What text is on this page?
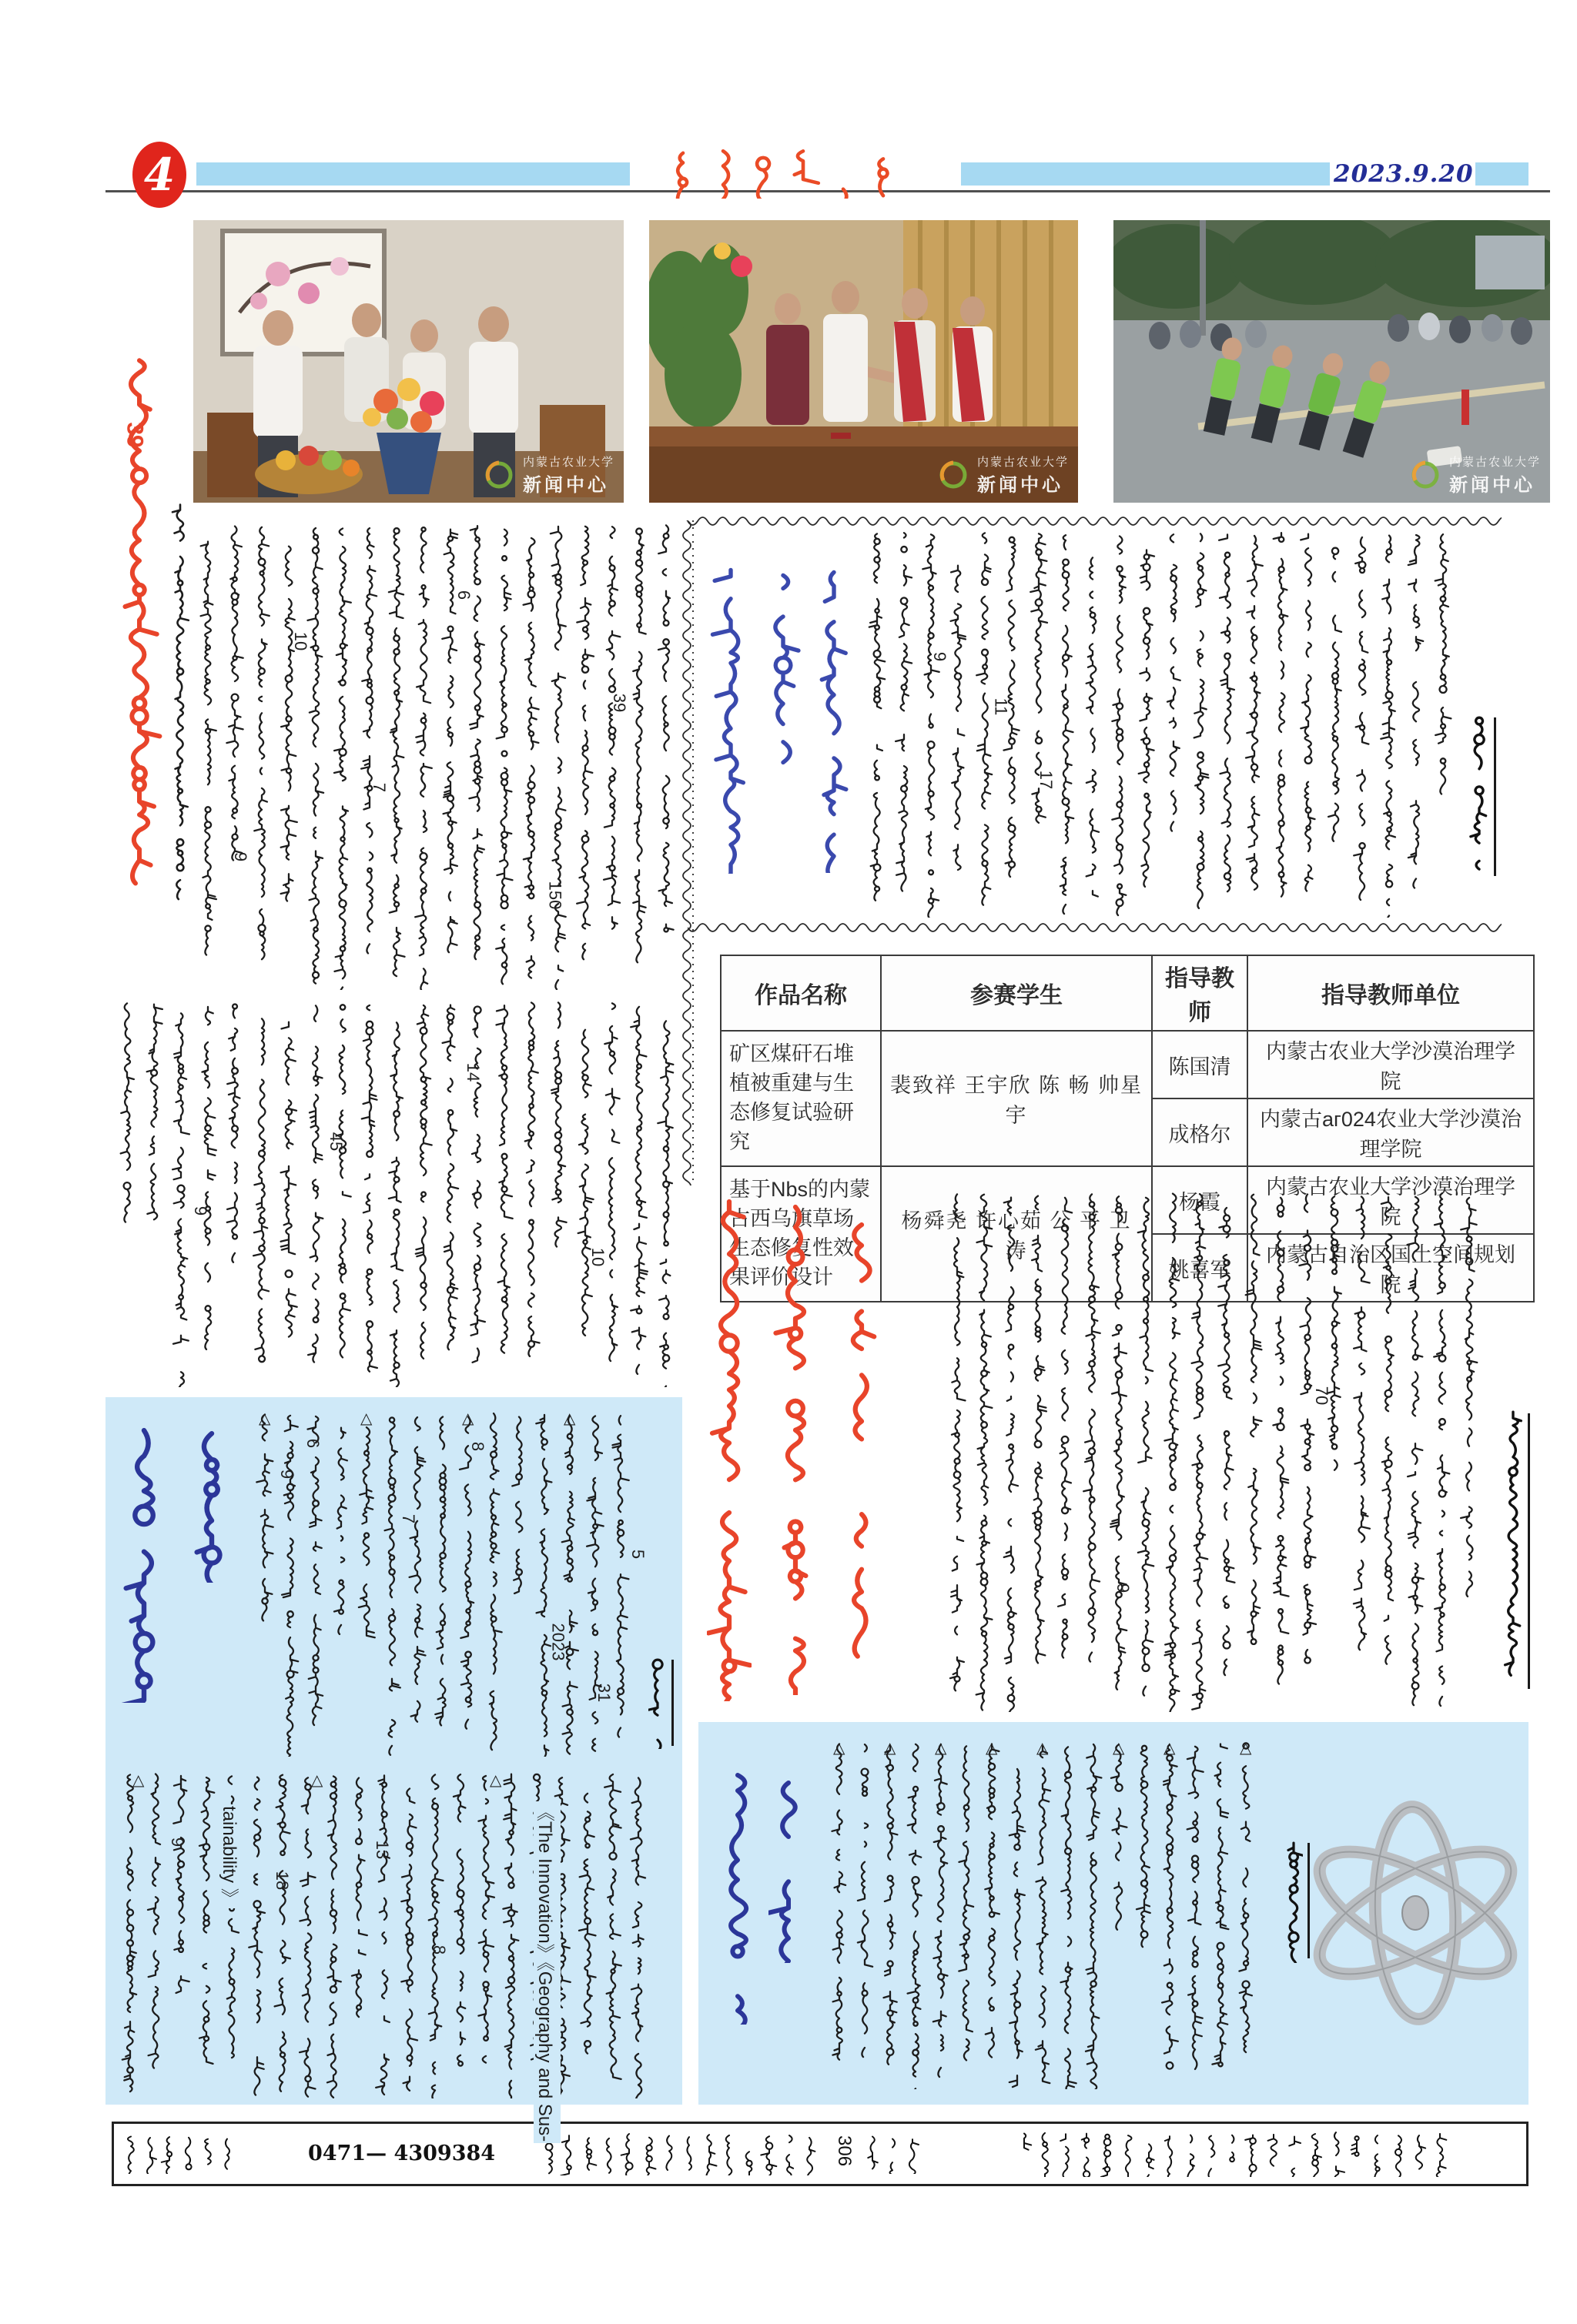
4	2023.9.20
内蒙古农业大学
新闻中心
内蒙古农业大学
新闻中心
内蒙古农业大学
新闻中心
39
作品名称	参赛学生	指导教师	指导教师单位
矿区煤矸石堆植被重建与生态修复试验研究	裴致祥 王宇欣 陈 畅 帅星宇	陈国清	内蒙古农业大学沙漠治理学院
		成格尔	内蒙古аг024农业大学沙漠治理学院
基于Nbs的内蒙古西乌旗草场生态修复性效果评价设计	杨舜尧 许心茹 公 平 卫 涛	杨霞	内蒙古农业大学沙漠治理学院
		姚喜军	内蒙古自治区国土空间规划院
《The Innovation》《Geography and Sus-
tainability 》
△	△	△	△
△	△	△
△	△	△	△	△	△	△	△
9
10
7
6
150
39
9
45
14
10
9
11
17
70
9
9
6
7
8
2023
31
5
9
18
13
8
0471— 4309384	306
